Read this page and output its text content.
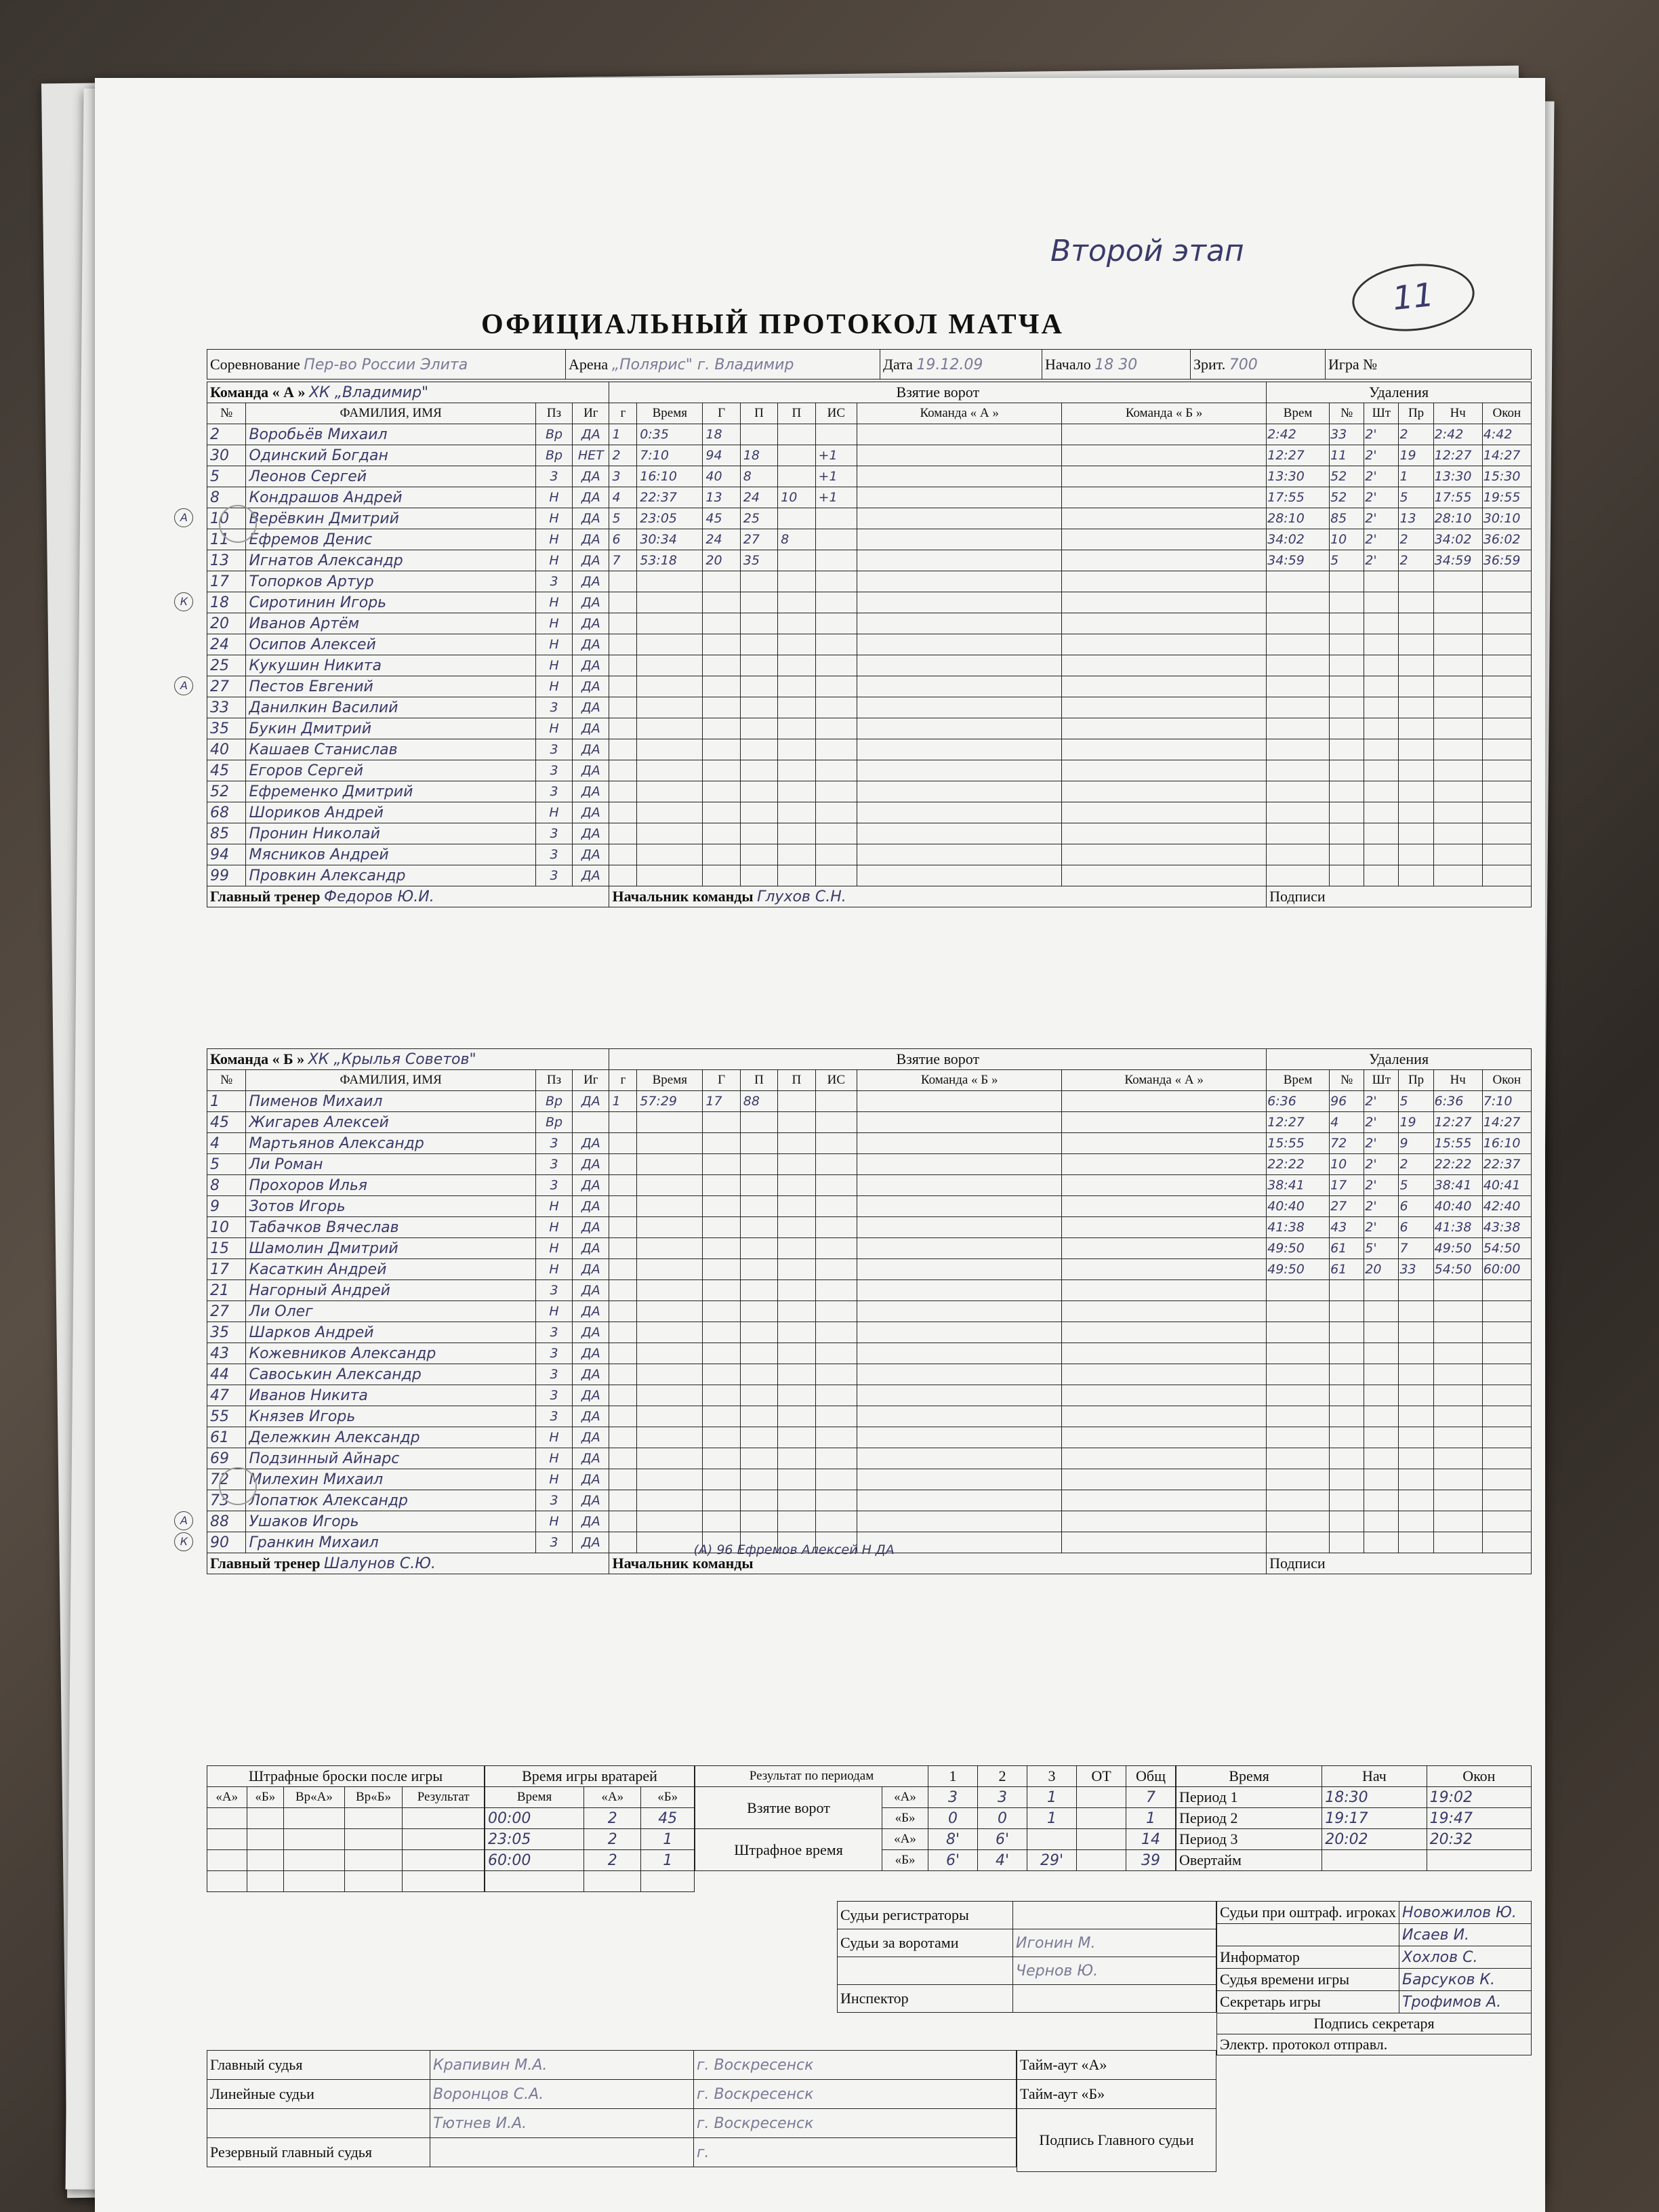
Второй этап
11
ОФИЦИАЛЬНЫЙ ПРОТОКОЛ МАТЧА
Соревнование Пер-во России Элита	Арена „Полярис" г. Владимир	Дата 19.12.09	Начало 18 30	Зрит. 700	Игра №
Команда « А » ХК „Владимир"				Взятие ворот								Удаления					
№	ФАМИЛИЯ, ИМЯ	Пз	Иг	г	Время	Г	П	П	ИС	Команда « А »	Команда « Б »	Врем	№	Шт	Пр	Нч	Окон
2	Воробьёв Михаил	Вр	ДА	1	0:35	18						2:42	33	2'	2	2:42	4:42
30	Одинский Богдан	Вр	НЕТ	2	7:10	94	18		+1			12:27	11	2'	19	12:27	14:27
5	Леонов Сергей	3	ДА	3	16:10	40	8		+1			13:30	52	2'	1	13:30	15:30
8	Кондрашов Андрей	Н	ДА	4	22:37	13	24	10	+1			17:55	52	2'	5	17:55	19:55
10	А Верёвкин Дмитрий	Н	ДА	5	23:05	45	25					28:10	85	2'	13	28:10	30:10
11	Ефремов Денис	Н	ДА	6	30:34	24	27	8				34:02	10	2'	2	34:02	36:02
13	Игнатов Александр	Н	ДА	7	53:18	20	35					34:59	5	2'	2	34:59	36:59
17	Топорков Артур	3	ДА														
18	К Сиротинин Игорь	Н	ДА														
20	Иванов Артём	Н	ДА														
24	Осипов Алексей	Н	ДА														
25	Кукушин Никита	Н	ДА														
27	А Пестов Евгений	Н	ДА														
33	Данилкин Василий	3	ДА														
35	Букин Дмитрий	Н	ДА														
40	Кашаев Станислав	3	ДА														
45	Егоров Сергей	3	ДА														
52	Ефременко Дмитрий	3	ДА														
68	Шориков Андрей	Н	ДА														
85	Пронин Николай	3	ДА														
94	Мясников Андрей	3	ДА														
99	Провкин Александр	3	ДА														
Главный тренер Федоров Ю.И.				Начальник команды Глухов С.Н.								Подписи					
Команда « Б » ХК „Крылья Советов"				Взятие ворот								Удаления					
№	ФАМИЛИЯ, ИМЯ	Пз	Иг	г	Время	Г	П	П	ИС	Команда « Б »	Команда « А »	Врем	№	Шт	Пр	Нч	Окон
1	Пименов Михаил	Вр	ДА	1	57:29	17	88					6:36	96	2'	5	6:36	7:10
45	Жигарев Алексей	Вр										12:27	4	2'	19	12:27	14:27
4	Мартьянов Александр	3	ДА									15:55	72	2'	9	15:55	16:10
5	Ли Роман	3	ДА									22:22	10	2'	2	22:22	22:37
8	Прохоров Илья	3	ДА									38:41	17	2'	5	38:41	40:41
9	Зотов Игорь	Н	ДА									40:40	27	2'	6	40:40	42:40
10	Табачков Вячеслав	Н	ДА									41:38	43	2'	6	41:38	43:38
15	Шамолин Дмитрий	Н	ДА									49:50	61	5'	7	49:50	54:50
17	Касаткин Андрей	Н	ДА									49:50	61	20	33	54:50	60:00
21	Нагорный Андрей	3	ДА														
27	Ли Олег	Н	ДА														
35	Шарков Андрей	3	ДА														
43	Кожевников Александр	3	ДА														
44	Савоськин Александр	3	ДА														
47	Иванов Никита	3	ДА														
55	Князев Игорь	3	ДА														
61	Дележкин Александр	Н	ДА														
69	Подзинный Айнарс	Н	ДА														
72	Милехин Михаил	Н	ДА														
73	Лопатюк Александр	3	ДА														
88	А Ушаков Игорь	Н	ДА														
90	К Гранкин Михаил	3	ДА	(А) 96 Ефремов Алексей Н ДА													

Главный тренер Шалунов С.Ю.				Начальник команды								Подписи					
Штрафные броски после игры				
«А»	«Б»	Вр«А»	Вр«Б»	Результат

Время игры вратарей		
Время	«А»	«Б»
00:00	2	45
23:05	2	1
60:00	2	1

Результат по периодам		1	2	3	ОТ	Общ
Взятие ворот	«А»	3	3	1		7
	«Б»	0	0	1		1
Штрафное время	«А»	8'	6'			14
	«Б»	6'	4'	29'		39
Время	Нач	Окон
Период 1	18:30	19:02
Период 2	19:17	19:47
Период 3	20:02	20:32
Овертайм		
Судьи регистраторы	
Судьи за воротами	Игонин М.
	Чернов Ю.
Инспектор	
Судьи при оштраф. игроках	Новожилов Ю.
	Исаев И.
Информатор	Хохлов С.
Судья времени игры	Барсуков К.
Секретарь игры	Трофимов А.
Подпись секретаря	
Электр. протокол отправл.	
Главный судья	Крапивин М.А.	г. Воскресенск
Линейные судьи	Воронцов С.А.	г. Воскресенск
	Тютнев И.А.	г. Воскресенск
Резервный главный судья		г.
Тайм-аут «А»
Тайм-аут «Б»
Подпись Главного судьи
